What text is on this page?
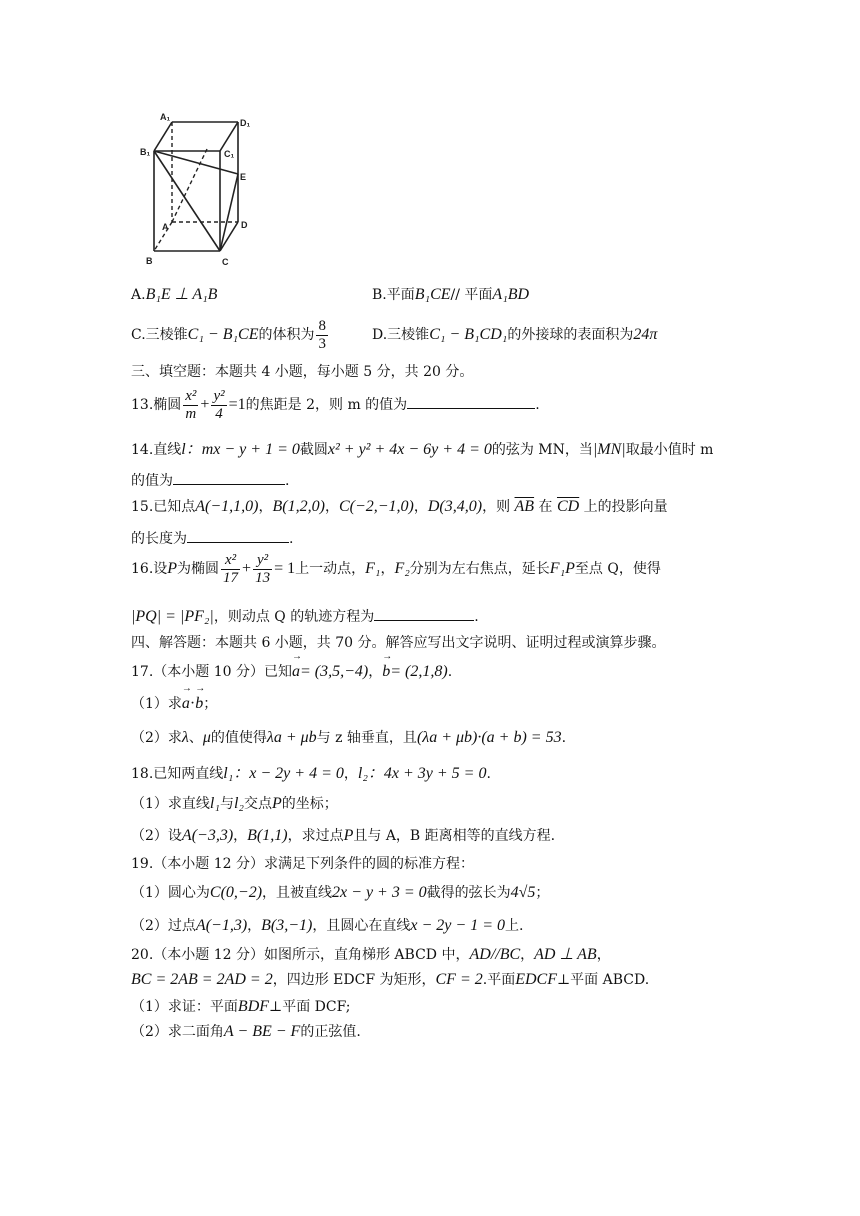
A₁
D₁
B₁	C₁
E
A	D
B	C
A.B₁E ⊥ A₁B	B.平面B₁CE// 平面A₁BD
C.三棱锥C₁ − B₁CE的体积为 $\frac{8}{3}$	D.三棱锥C₁ − B₁CD₁的外接球的表面积为24π
三、填空题：本题共 4 小题，每小题 5 分，共 20 分。
13.椭圆 $\frac{\text{x²}}{m} + \frac{\text{y²}}{4} =1$的焦距是 2，则 m 的值为	.
14.直线l：mx − y + 1 = 0截圆x² + y² + 4x − 6y + 4 = 0的弦为 MN，当|MN|取最小值时 m
的值为	.
15.已知点A(−1,1,0)，B(1,2,0)，C(−2,−1,0)，D(3,4,0)，则 $\overline{AB}$ 在 $\overline{CD}$ 上的投影向量
的长度为	.
16.设P为椭圆 $\frac{\text{x²}}{17} + \frac{\text{y²}}{13} = 1$上一动点，F₁，F₂分别为左右焦点，延长F₁P至点 Q，使得
|PQ| = |PF₂|，则动点 Q 的轨迹方程为	.
四、解答题：本题共 6 小题，共 70 分。解答应写出文字说明、证明过程或演算步骤。
17.（本小题 10 分）已知→ a= (3,5,−4)，→ b= (2,1,8).
（1）求→ a·→ b；
（2）求λ、μ的值使得λa + μb与 z 轴垂直，且(λa + μb)·(a + b) = 53.
18.已知两直线l₁：x − 2y + 4 = 0，l₂：4x + 3y + 5 = 0.
（1）求直线l₁与l₂交点P的坐标；
（2）设A(−3,3)，B(1,1)，求过点P且与 A，B 距离相等的直线方程.
19.（本小题 12 分）求满足下列条件的圆的标准方程：
（1）圆心为C(0,−2)，且被直线2x − y + 3 = 0截得的弦长为4√5；
（2）过点A(−1,3)，B(3,−1)，且圆心在直线x − 2y − 1 = 0上.
20.（本小题 12 分）如图所示，直角梯形 ABCD 中，AD//BC，AD ⊥ AB，
BC = 2AB = 2AD = 2，四边形 EDCF 为矩形，CF = 2.平面EDCF⊥平面 ABCD.
（1）求证：平面BDF⊥平面 DCF;
（2）求二面角A − BE − F的正弦值.
